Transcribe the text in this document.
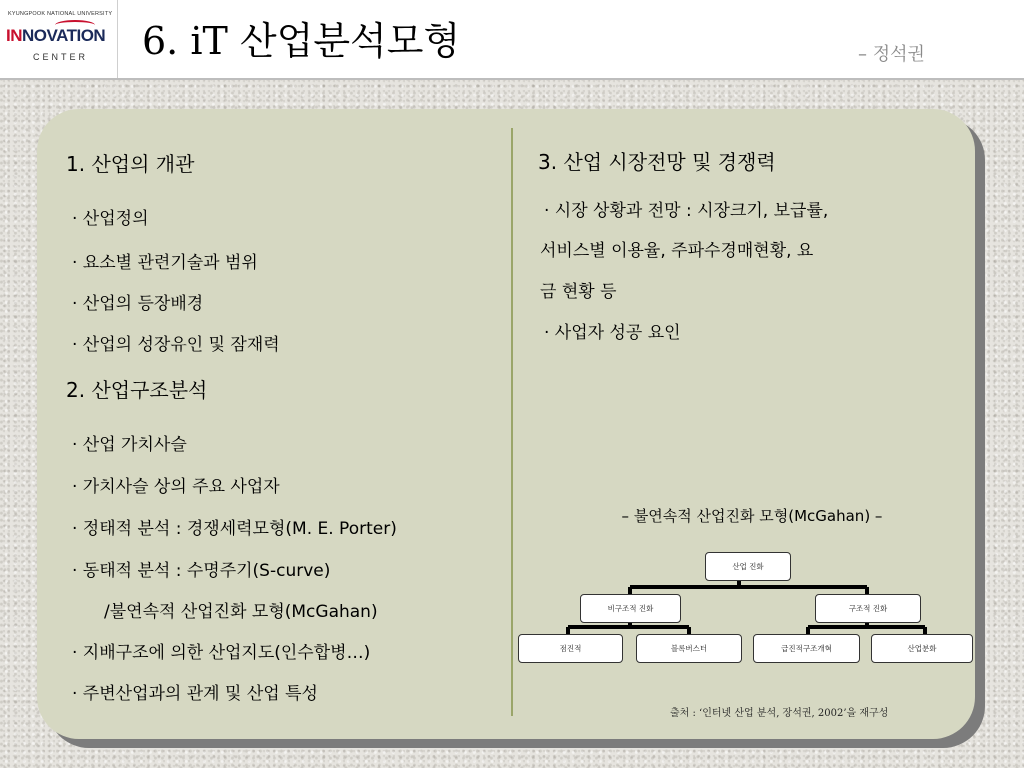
KYUNGPOOK NATIONAL UNIVERSITY
INNOVATION
CENTER 6. iT 산업분석모형	– 정석권
1. 산업의 개관
· 산업정의
· 요소별 관련기술과 범위
· 산업의 등장배경
· 산업의 성장유인 및 잠재력
2. 산업구조분석
· 산업 가치사슬
· 가치사슬 상의 주요 사업자
· 정태적 분석 : 경쟁세력모형(M. E. Porter)
· 동태적 분석 : 수명주기(S-curve)
/불연속적 산업진화 모형(McGahan)
· 지배구조에 의한 산업지도(인수합병…)
· 주변산업과의 관계 및 산업 특성
3. 산업 시장전망 및 경쟁력
· 시장 상황과 전망 : 시장크기, 보급률,
서비스별 이용율, 주파수경매현황, 요
금 현황 등
· 사업자 성공 요인
– 불연속적 산업진화 모형(McGahan) –
산업 진화
비구조적 진화	구조적 진화
점진적	블록버스터	급진적구조개혁	산업분화
출처 : ‘인터넷 산업 분석, 장석권, 2002’을 재구성
